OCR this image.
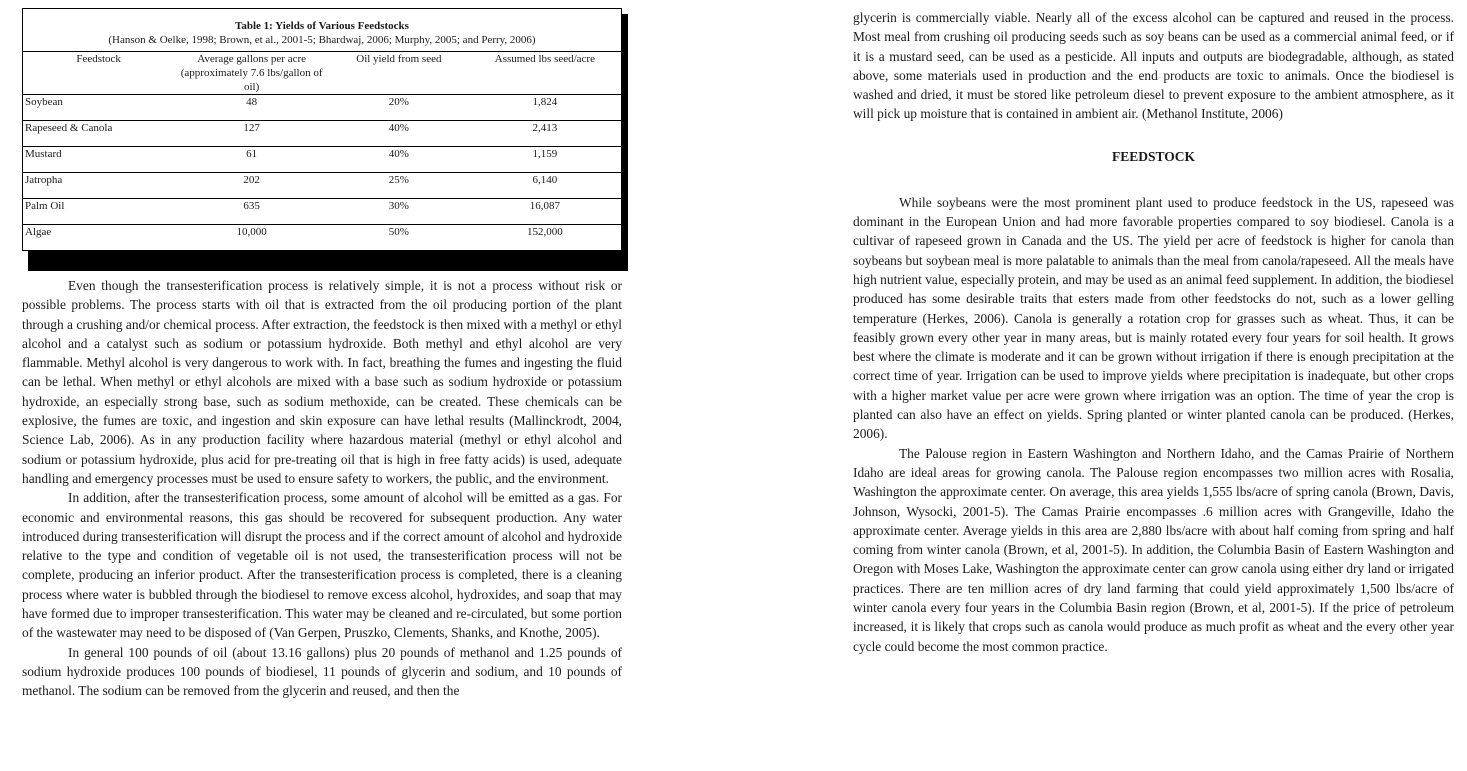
Table 1: Yields of Various Feedstocks			
(Hanson & Oelke, 1998; Brown, et al., 2001-5; Bhardwaj, 2006; Murphy, 2005; and Perry, 2006)			
Feedstock	Average gallons per acre (approximately 7.6 lbs/gallon of oil)	Oil yield from seed	Assumed lbs seed/acre
Soybean	48	20%	1,824
Rapeseed & Canola	127	40%	2,413
Mustard	61	40%	1,159
Jatropha	202	25%	6,140
Palm Oil	635	30%	16,087
Algae	10,000	50%	152,000

Even though the transesterification process is relatively simple, it is not a process without risk or possible problems. The process starts with oil that is extracted from the oil producing portion of the plant through a crushing and/or chemical process. After extraction, the feedstock is then mixed with a methyl or ethyl alcohol and a catalyst such as sodium or potassium hydroxide. Both methyl and ethyl alcohol are very flammable. Methyl alcohol is very dangerous to work with. In fact, breathing the fumes and ingesting the fluid can be lethal. When methyl or ethyl alcohols are mixed with a base such as sodium hydroxide or potassium hydroxide, an especially strong base, such as sodium methoxide, can be created. These chemicals can be explosive, the fumes are toxic, and ingestion and skin exposure can have lethal results (Mallinckrodt, 2004, Science Lab, 2006). As in any production facility where hazardous material (methyl or ethyl alcohol and sodium or potassium hydroxide, plus acid for pre-treating oil that is high in free fatty acids) is used, adequate handling and emergency processes must be used to ensure safety to workers, the public, and the environment.

In addition, after the transesterification process, some amount of alcohol will be emitted as a gas. For economic and environmental reasons, this gas should be recovered for subsequent production. Any water introduced during transesterification will disrupt the process and if the correct amount of alcohol and hydroxide relative to the type and condition of vegetable oil is not used, the transesterification process will not be complete, producing an inferior product. After the transesterification process is completed, there is a cleaning process where water is bubbled through the biodiesel to remove excess alcohol, hydroxides, and soap that may have formed due to improper transesterification. This water may be cleaned and re-circulated, but some portion of the wastewater may need to be disposed of (Van Gerpen, Pruszko, Clements, Shanks, and Knothe, 2005).

In general 100 pounds of oil (about 13.16 gallons) plus 20 pounds of methanol and 1.25 pounds of sodium hydroxide produces 100 pounds of biodiesel, 11 pounds of glycerin and sodium, and 10 pounds of methanol. The sodium can be removed from the glycerin and reused, and then the

glycerin is commercially viable. Nearly all of the excess alcohol can be captured and reused in the process. Most meal from crushing oil producing seeds such as soy beans can be used as a commercial animal feed, or if it is a mustard seed, can be used as a pesticide. All inputs and outputs are biodegradable, although, as stated above, some materials used in production and the end products are toxic to animals. Once the biodiesel is washed and dried, it must be stored like petroleum diesel to prevent exposure to the ambient atmosphere, as it will pick up moisture that is contained in ambient air. (Methanol Institute, 2006)

FEEDSTOCK

While soybeans were the most prominent plant used to produce feedstock in the US, rapeseed was dominant in the European Union and had more favorable properties compared to soy biodiesel. Canola is a cultivar of rapeseed grown in Canada and the US. The yield per acre of feedstock is higher for canola than soybeans but soybean meal is more palatable to animals than the meal from canola/rapeseed. All the meals have high nutrient value, especially protein, and may be used as an animal feed supplement. In addition, the biodiesel produced has some desirable traits that esters made from other feedstocks do not, such as a lower gelling temperature (Herkes, 2006). Canola is generally a rotation crop for grasses such as wheat. Thus, it can be feasibly grown every other year in many areas, but is mainly rotated every four years for soil health. It grows best where the climate is moderate and it can be grown without irrigation if there is enough precipitation at the correct time of year. Irrigation can be used to improve yields where precipitation is inadequate, but other crops with a higher market value per acre were grown where irrigation was an option. The time of year the crop is planted can also have an effect on yields. Spring planted or winter planted canola can be produced. (Herkes, 2006).

The Palouse region in Eastern Washington and Northern Idaho, and the Camas Prairie of Northern Idaho are ideal areas for growing canola. The Palouse region encompasses two million acres with Rosalia, Washington the approximate center. On average, this area yields 1,555 lbs/acre of spring canola (Brown, Davis, Johnson, Wysocki, 2001-5). The Camas Prairie encompasses .6 million acres with Grangeville, Idaho the approximate center. Average yields in this area are 2,880 lbs/acre with about half coming from spring and half coming from winter canola (Brown, et al, 2001-5). In addition, the Columbia Basin of Eastern Washington and Oregon with Moses Lake, Washington the approximate center can grow canola using either dry land or irrigated practices. There are ten million acres of dry land farming that could yield approximately 1,500 lbs/acre of winter canola every four years in the Columbia Basin region (Brown, et al, 2001-5). If the price of petroleum increased, it is likely that crops such as canola would produce as much profit as wheat and the every other year cycle could become the most common practice.
